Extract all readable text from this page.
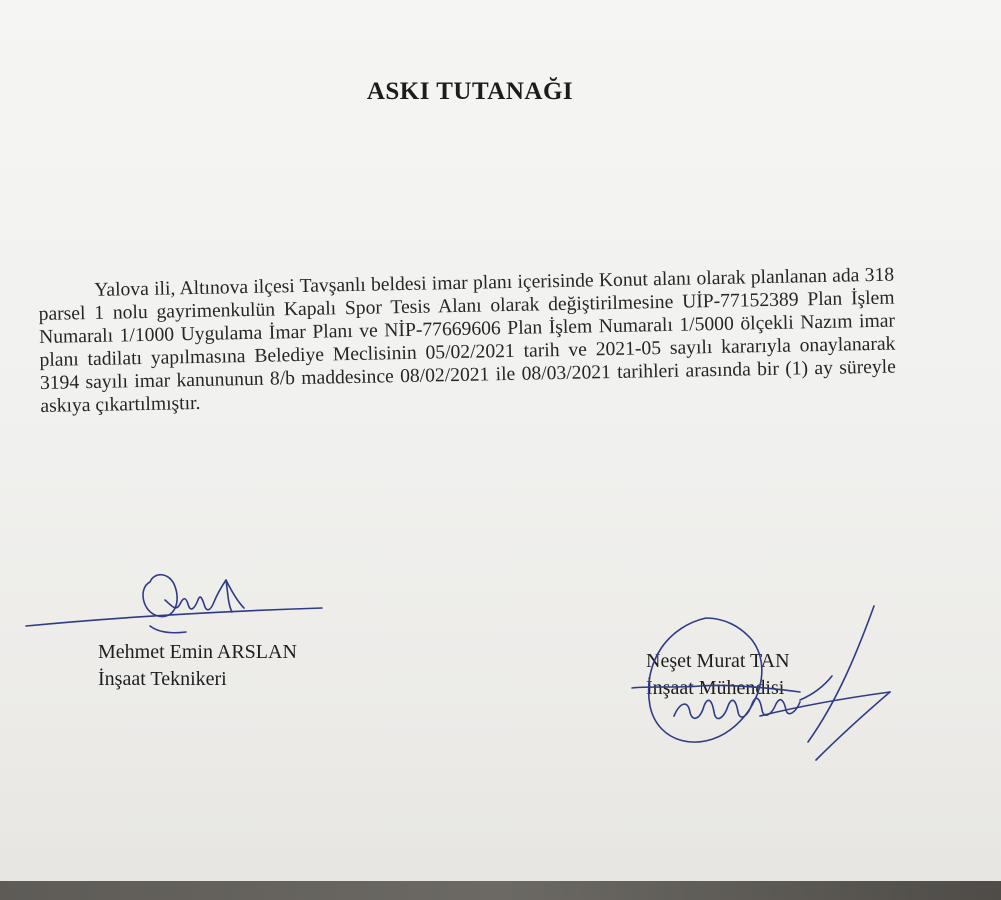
ASKI TUTANAĞI

Yalova ili, Altınova ilçesi Tavşanlı beldesi imar planı içerisinde Konut alanı olarak planlanan ada 318 parsel 1 nolu gayrimenkulün Kapalı Spor Tesis Alanı olarak değiştirilmesine UİP-77152389 Plan İşlem Numaralı 1/1000 Uygulama İmar Planı ve NİP-77669606 Plan İşlem Numaralı 1/5000 ölçekli Nazım imar planı tadilatı yapılmasına Belediye Meclisinin 05/02/2021 tarih ve 2021-05 sayılı kararıyla onaylanarak 3194 sayılı imar kanununun 8/b maddesince 08/02/2021 ile 08/03/2021 tarihleri arasında bir (1) ay süreyle askıya çıkartılmıştır.

Mehmet Emin ARSLAN
İnşaat Teknikeri
Neşet Murat TAN
İnşaat Mühendisi
